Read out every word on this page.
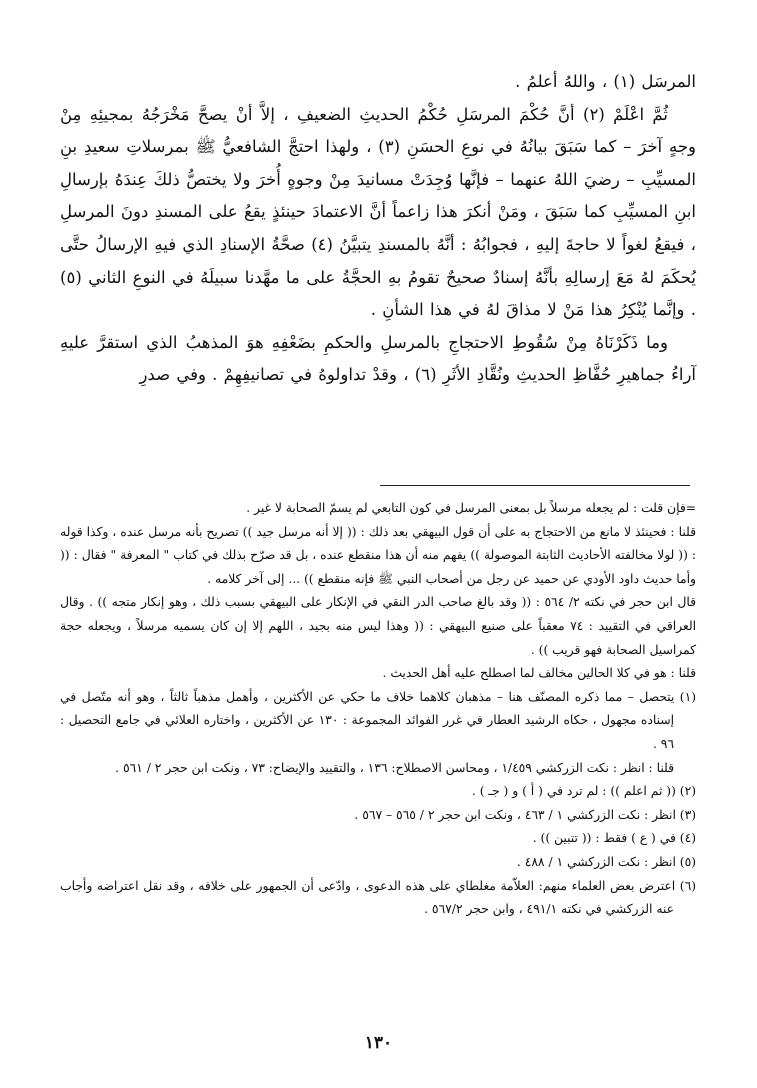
المرسَل (١) ، واللهُ أعلمُ .

ثُمَّ اعْلَمْ (٢) أنَّ حُكْمَ المرسَلِ حُكْمُ الحديثِ الضعيفِ ، إلاَّ أنْ يصحَّ مَخْرَجُهُ بمجيئِهِ مِنْ وجهٍ آخرَ – كما سَبَقَ بيانُهُ في نوعِ الحسَنِ (٣) ، ولهذا احتجَّ الشافعيُّ ﷺ بمرسلاتِ سعيدِ بنِ المسيِّبِ – رضيَ اللهُ عنهما – فإنَّها وُجِدَتْ مسانيدَ مِنْ وجوهٍ أُخرَ ولا يختصُّ ذلكَ عِندَهُ بإرسالِ ابنِ المسيِّبِ كما سَبَقَ ، ومَنْ أنكرَ هذا زاعماً أنَّ الاعتمادَ حينئذٍ يقعُ على المسندِ دونَ المرسلِ ، فيقعُ لغواً لا حاجةَ إليهِ ، فجوابُهُ : أنَّهُ بالمسندِ يتبيَّنُ (٤) صحَّةُ الإسنادِ الذي فيهِ الإرسالُ حتَّى يُحكَمَ لهُ مَعَ إرسالِهِ بأنَّهُ إسنادٌ صحيحٌ تقومُ بهِ الحجَّةُ على ما مهَّدنا سبيلَهُ في النوعِ الثاني (٥) . وإنَّما يُنْكِرُ هذا مَنْ لا مذاقَ لهُ في هذا الشأنِ .

وما ذَكَرْنَاهُ مِنْ سُقُوطِ الاحتجاجِ بالمرسلِ والحكمِ بضَعْفِهِ هوَ المذهبُ الذي استقرَّ عليهِ آراءُ جماهيرِ حُفَّاظِ الحديثِ ونُقَّادِ الأثَرِ (٦) ، وقدْ تداولوهُ في تصانيفِهِمْ . وفي صدرِ

=فإن قلت : لم يجعله مرسلاً بل بمعنى المرسل في كون التابعي لم يسمّ الصحابة لا غير .

قلنا : فحينئذ لا مانع من الاحتجاج به على أن قول البيهقي بعد ذلك : (( إلا أنه مرسل جيد )) تصريح بأنه مرسل عنده ، وكذا قوله : (( لولا مخالفته الأحاديث الثابتة الموصولة )) يفهم منه أن هذا منقطع عنده ، بل قد صرّح بذلك في كتاب " المعرفة " فقال : (( وأما حديث داود الأودي عن حميد عن رجل من أصحاب النبي ﷺ فإنه منقطع )) ... إلى آخر كلامه .

قال ابن حجر في نكته ٢/ ٥٦٤ : (( وقد بالغ صاحب الدر النقي في الإنكار على البيهقي بسبب ذلك ، وهو إنكار متجه )) . وقال العراقي في التقييد : ٧٤ معقباً على صنيع البيهقي : (( وهذا ليس منه بجيد ، اللهم إلا إن كان يسميه مرسلاً ، ويجعله حجة كمراسيل الصحابة فهو قريب )) .

قلنا : هو في كلا الحالين مخالف لما اصطلح عليه أهل الحديث .

(١) يتحصل – مما ذكره المصنّف هنا – مذهبان كلاهما خلاف ما حكي عن الأكثرين ، وأهمل مذهباً ثالثاً ، وهو أنه متّصل في إسناده مجهول ، حكاه الرشيد العطار في غرر الفوائد المجموعة : ١٣٠ عن الأكثرين ، واختاره العلائي في جامع التحصيل : ٩٦ .

قلنا : انظر : نكت الزركشي ١/٤٥٩ ، ومحاسن الاصطلاح: ١٣٦ ، والتقييد والإيضاح: ٧٣ ، ونكت ابن حجر ٢ / ٥٦١ .

(٢) (( ثم اعلم )) : لم ترد في ( أ ) و ( جـ ) .

(٣) انظر : نكت الزركشي ١ / ٤٦٣ ، ونكت ابن حجر ٢ / ٥٦٥ – ٥٦٧ .

(٤) في ( ع ) فقط : (( تتبين )) .

(٥) انظر : نكت الزركشي ١ / ٤٨٨ .

(٦) اعترض بعض العلماء منهم: العلاّمة مغلطاي على هذه الدعوى ، وادّعى أن الجمهور على خلافه ، وقد نقل اعتراضه وأجاب عنه الزركشي في نكته ٤٩١/١ ، وابن حجر ٥٦٧/٢ .

١٣٠
